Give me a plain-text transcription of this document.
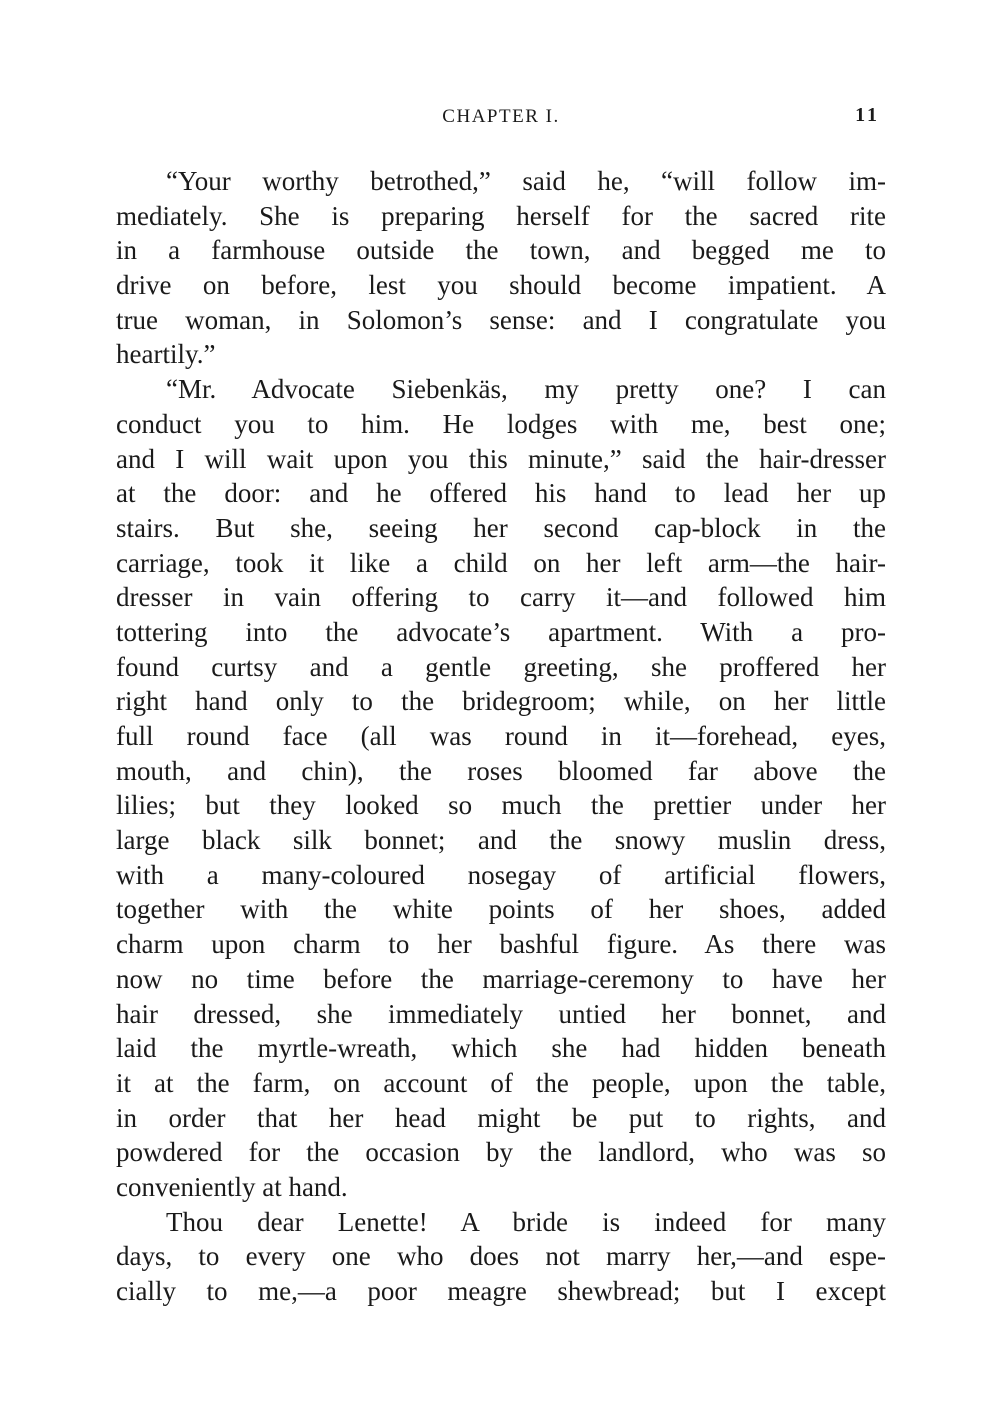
CHAPTER I.	11
“Your worthy betrothed,” said he, “will follow im-
mediately. She is preparing herself for the sacred rite
in a farmhouse outside the town, and begged me to
drive on before, lest you should become impatient. A
true woman, in Solomon’s sense: and I congratulate you
heartily.”
“Mr. Advocate Siebenkäs, my pretty one? I can
conduct you to him. He lodges with me, best one;
and I will wait upon you this minute,” said the hair-dresser
at the door: and he offered his hand to lead her up
stairs. But she, seeing her second cap-block in the
carriage, took it like a child on her left arm—the hair-
dresser in vain offering to carry it—and followed him
tottering into the advocate’s apartment. With a pro-
found curtsy and a gentle greeting, she proffered her
right hand only to the bridegroom; while, on her little
full round face (all was round in it—forehead, eyes,
mouth, and chin), the roses bloomed far above the
lilies; but they looked so much the prettier under her
large black silk bonnet; and the snowy muslin dress,
with a many-coloured nosegay of artificial flowers,
together with the white points of her shoes, added
charm upon charm to her bashful figure. As there was
now no time before the marriage-ceremony to have her
hair dressed, she immediately untied her bonnet, and
laid the myrtle-wreath, which she had hidden beneath
it at the farm, on account of the people, upon the table,
in order that her head might be put to rights, and
powdered for the occasion by the landlord, who was so
conveniently at hand.
Thou dear Lenette! A bride is indeed for many
days, to every one who does not marry her,—and espe-
cially to me,—a poor meagre shewbread; but I except
